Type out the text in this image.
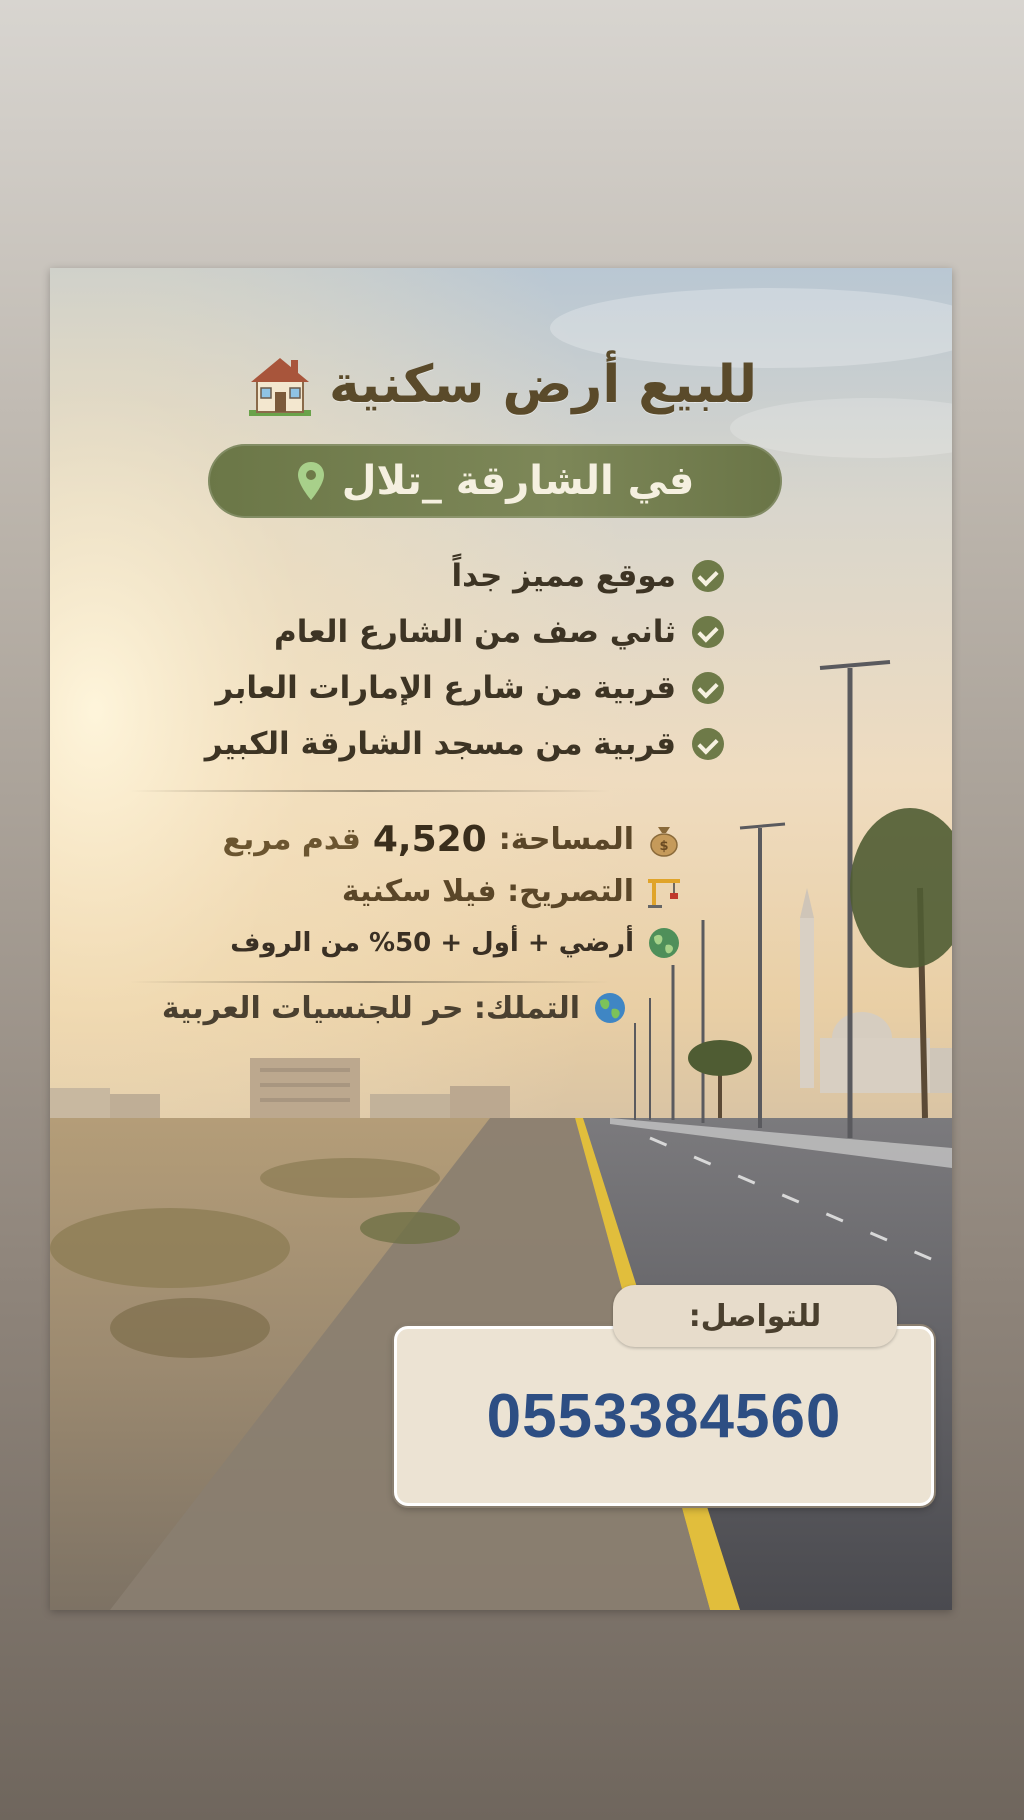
للبيع أرض سكنية
في الشارقة _تلال
موقع مميز جداً
ثاني صف من الشارع العام
قربية من شارع الإمارات العابر
قربية من مسجد الشارقة الكبير
$
المساحة:
4,520
قدم مربع
التصريح: فيلا سكنية
أرضي + أول + 50% من الروف
التملك: حر للجنسيات العربية
0553384560
للتواصل:
